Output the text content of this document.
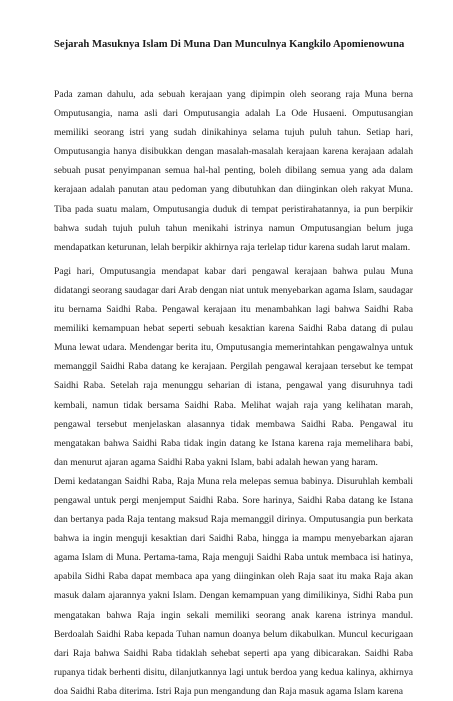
Sejarah Masuknya Islam Di Muna Dan Munculnya Kangkilo Apomienowuna

Pada zaman dahulu, ada sebuah kerajaan yang dipimpin oleh seorang raja Muna berna Omputusangia, nama asli dari Omputusangia adalah La Ode Husaeni. Omputusangian memiliki seorang istri yang sudah dinikahinya selama tujuh puluh tahun. Setiap hari, Omputusangia hanya disibukkan dengan masalah-masalah kerajaan karena kerajaan adalah sebuah pusat penyimpanan semua hal-hal penting, boleh dibilang semua yang ada dalam kerajaan adalah panutan atau pedoman yang dibutuhkan dan diinginkan oleh rakyat Muna. Tiba pada suatu malam, Omputusangia duduk di tempat peristirahatannya, ia pun berpikir bahwa sudah tujuh puluh tahun menikahi istrinya namun Omputusangian belum juga mendapatkan keturunan, lelah berpikir akhirnya raja terlelap tidur karena sudah larut malam.

Pagi hari, Omputusangia mendapat kabar dari pengawal kerajaan bahwa pulau Muna didatangi seorang saudagar dari Arab dengan niat untuk menyebarkan agama Islam, saudagar itu bernama Saidhi Raba. Pengawal kerajaan itu menambahkan lagi bahwa Saidhi Raba memiliki kemampuan hebat seperti sebuah kesaktian karena Saidhi Raba datang di pulau Muna lewat udara. Mendengar berita itu, Omputusangia memerintahkan pengawalnya untuk memanggil Saidhi Raba datang ke kerajaan. Pergilah pengawal kerajaan tersebut ke tempat Saidhi Raba. Setelah raja menunggu seharian di istana, pengawal yang disuruhnya tadi kembali, namun tidak bersama Saidhi Raba. Melihat wajah raja yang kelihatan marah, pengawal tersebut menjelaskan alasannya tidak membawa Saidhi Raba. Pengawal itu mengatakan bahwa Saidhi Raba tidak ingin datang ke Istana karena raja memelihara babi, dan menurut ajaran agama Saidhi Raba yakni Islam, babi adalah hewan yang haram.

Demi kedatangan Saidhi Raba, Raja Muna rela melepas semua babinya. Disuruhlah kembali pengawal untuk pergi menjemput Saidhi Raba. Sore harinya, Saidhi Raba datang ke Istana dan bertanya pada Raja tentang maksud Raja memanggil dirinya. Omputusangia pun berkata bahwa ia ingin menguji kesaktian dari Saidhi Raba, hingga ia mampu menyebarkan ajaran agama Islam di Muna. Pertama-tama, Raja menguji Saidhi Raba untuk membaca isi hatinya, apabila Sidhi Raba dapat membaca apa yang diinginkan oleh Raja saat itu maka Raja akan masuk dalam ajarannya yakni Islam. Dengan kemampuan yang dimilikinya, Sidhi Raba pun mengatakan bahwa Raja ingin sekali memiliki seorang anak karena istrinya mandul. Berdoalah Saidhi Raba kepada Tuhan namun doanya belum dikabulkan. Muncul kecurigaan dari Raja bahwa Saidhi Raba tidaklah sehebat seperti apa yang dibicarakan. Saidhi Raba rupanya tidak berhenti disitu, dilanjutkannya lagi untuk berdoa yang kedua kalinya, akhirnya doa Saidhi Raba diterima. Istri Raja pun mengandung dan Raja masuk agama Islam karena
